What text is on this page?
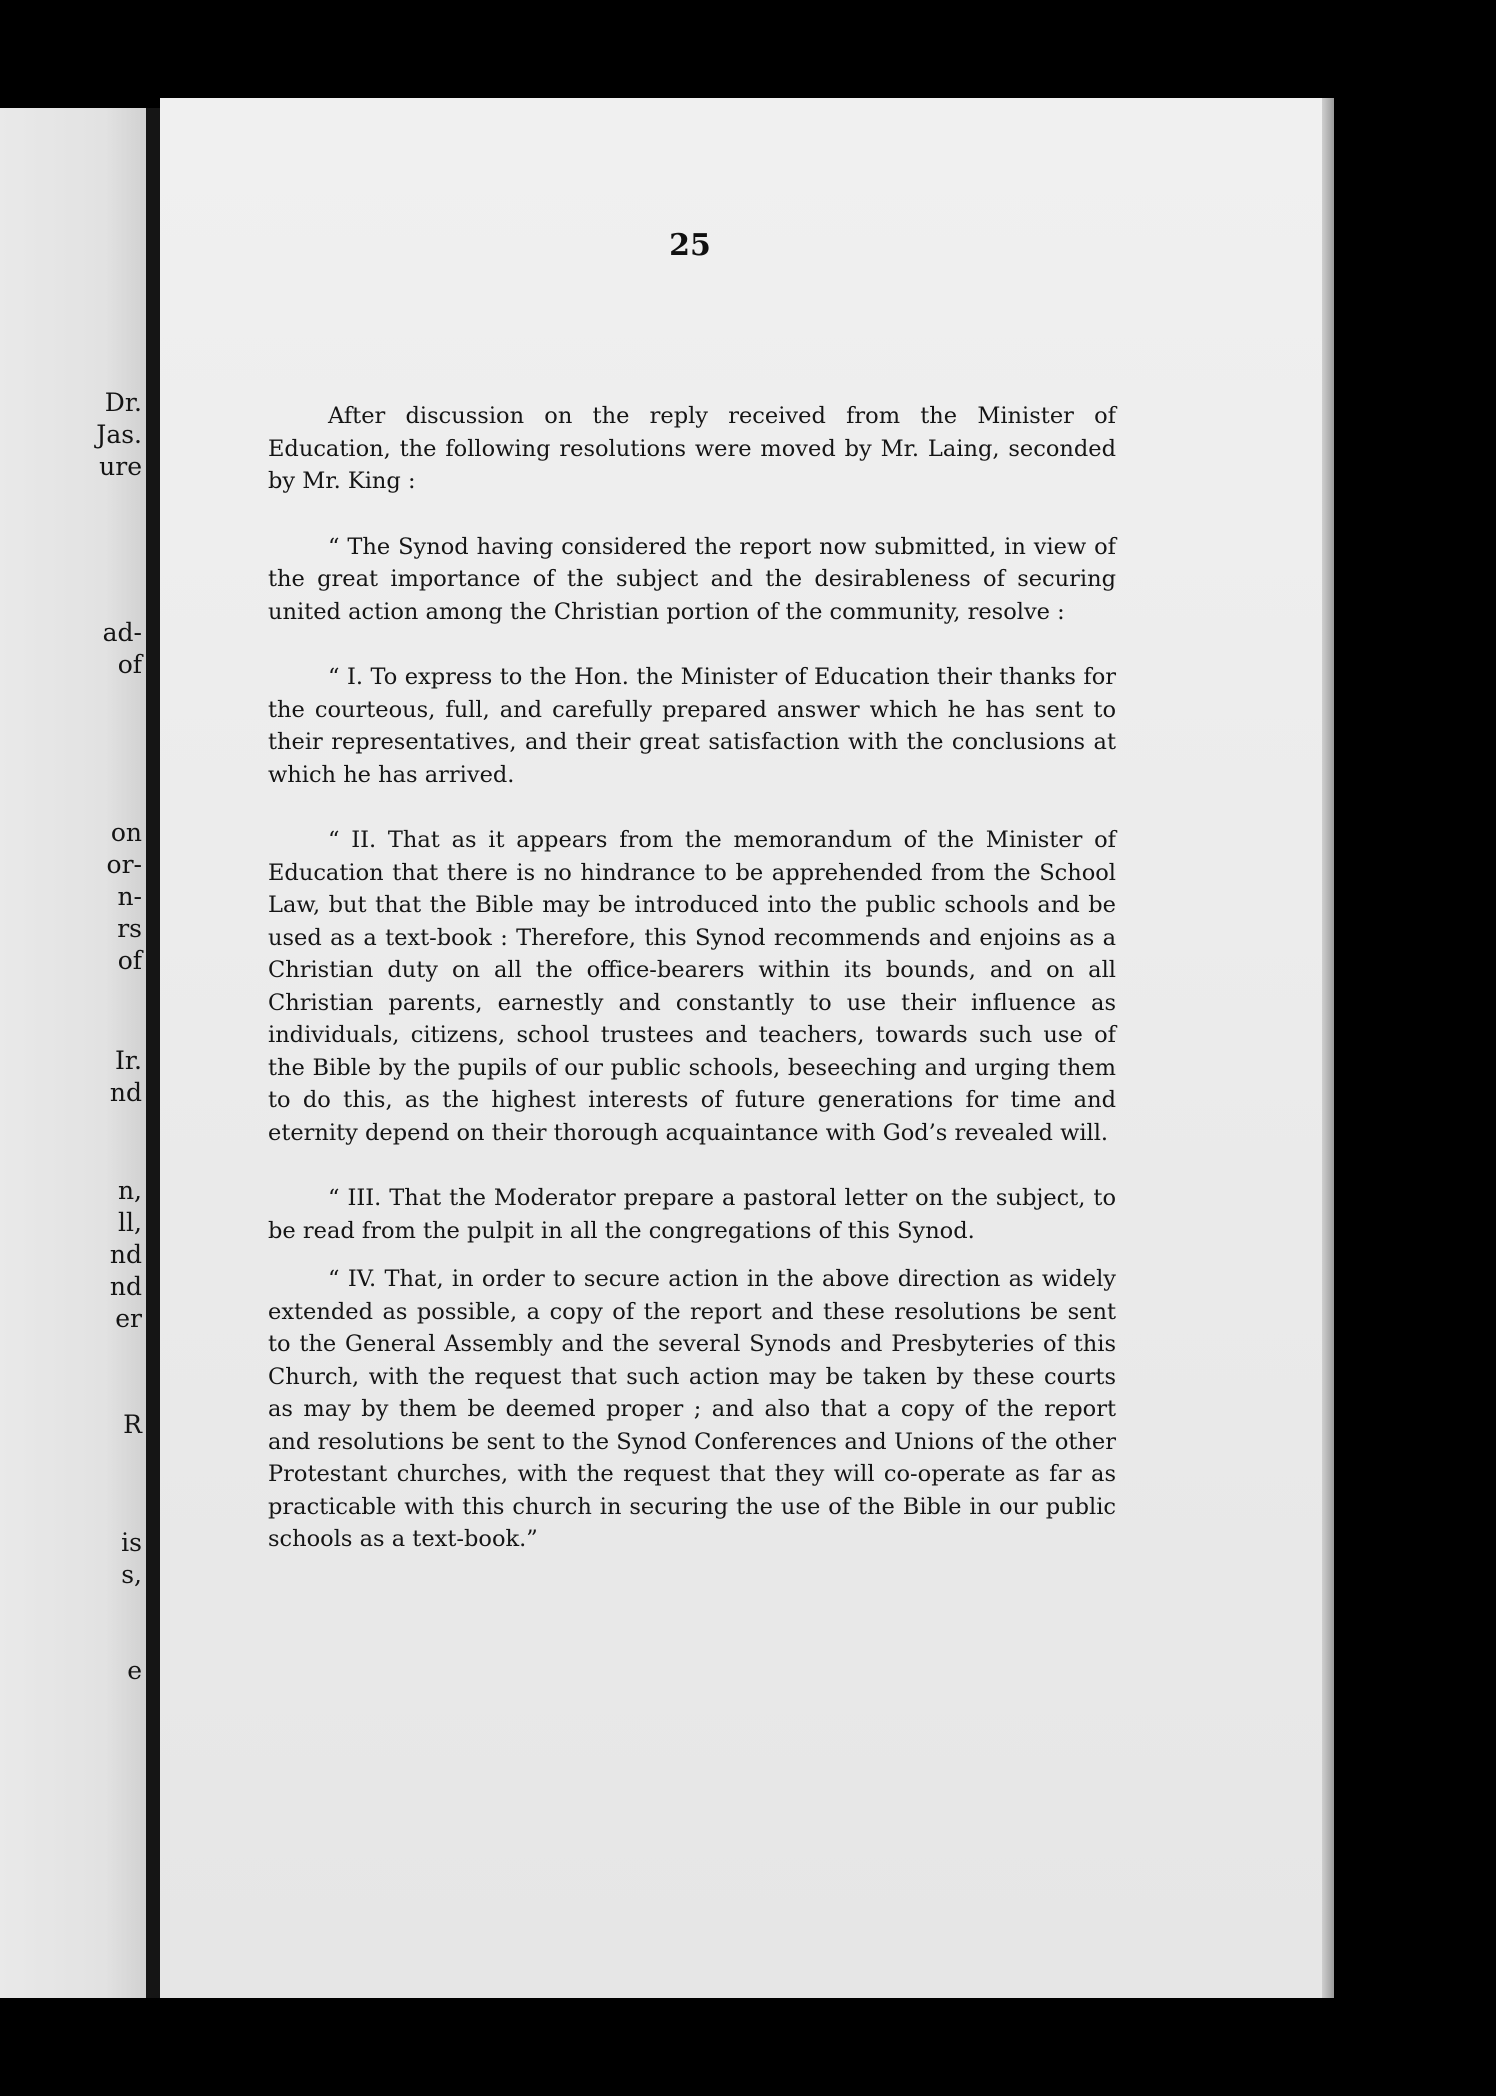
Dr.
Jas.
ure
ad-
of
on
or-
n-
rs
of
Ir.
nd
n,
ll,
nd
nd
er
R
is
s,
e
25

After discussion on the reply received from the Minister of Education, the following resolutions were moved by Mr. Laing, seconded by Mr. King :

“ The Synod having considered the report now submitted, in view of the great importance of the subject and the desirableness of securing united action among the Christian portion of the community, resolve :

“ I. To express to the Hon. the Minister of Education their thanks for the courteous, full, and carefully prepared answer which he has sent to their representatives, and their great satisfaction with the conclusions at which he has arrived.

“ II. That as it appears from the memorandum of the Minister of Education that there is no hindrance to be apprehended from the School Law, but that the Bible may be introduced into the public schools and be used as a text-book : Therefore, this Synod recommends and enjoins as a Christian duty on all the office-bearers within its bounds, and on all Christian parents, earnestly and constantly to use their influence as individuals, citizens, school trustees and teachers, towards such use of the Bible by the pupils of our public schools, beseeching and urging them to do this, as the highest interests of future generations for time and eternity depend on their thorough acquaintance with God’s revealed will.

“ III. That the Moderator prepare a pastoral letter on the subject, to be read from the pulpit in all the congregations of this Synod.

“ IV. That, in order to secure action in the above direction as widely extended as possible, a copy of the report and these resolutions be sent to the General Assembly and the several Synods and Presbyteries of this Church, with the request that such action may be taken by these courts as may by them be deemed proper ; and also that a copy of the report and resolutions be sent to the Synod Conferences and Unions of the other Protestant churches, with the request that they will co-operate as far as practicable with this church in securing the use of the Bible in our public schools as a text-book.”
